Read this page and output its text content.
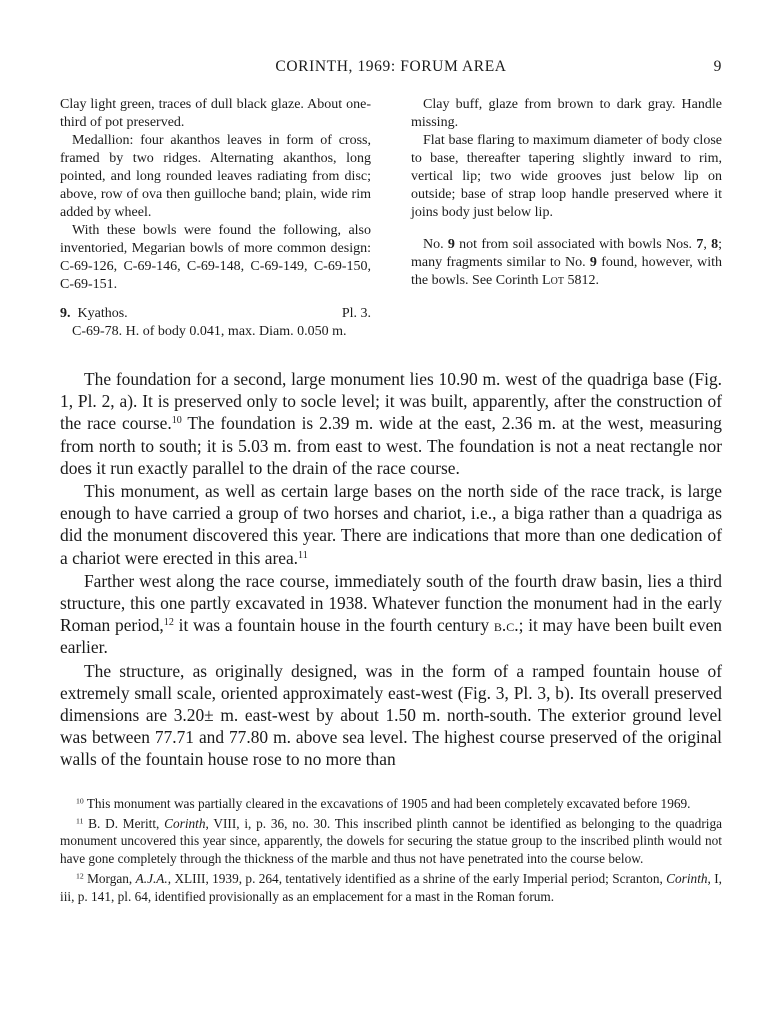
CORINTH, 1969: FORUM AREA	9

Clay light green, traces of dull black glaze. About one-third of pot preserved.

Medallion: four akanthos leaves in form of cross, framed by two ridges. Alternating akanthos, long pointed, and long rounded leaves radiating from disc; above, row of ova then guilloche band; plain, wide rim added by wheel.

With these bowls were found the following, also inventoried, Megarian bowls of more common design: C-69-126, C-69-146, C-69-148, C-69-149, C-69-150, C-69-151.

9. Kyathos.	Pl. 3.

C-69-78. H. of body 0.041, max. Diam. 0.050 m.

Clay buff, glaze from brown to dark gray. Handle missing.

Flat base flaring to maximum diameter of body close to base, thereafter tapering slightly inward to rim, vertical lip; two wide grooves just below lip on outside; base of strap loop handle preserved where it joins body just below lip.

No. 9 not from soil associated with bowls Nos. 7, 8; many fragments similar to No. 9 found, however, with the bowls. See Corinth Lot 5812.

The foundation for a second, large monument lies 10.90 m. west of the quadriga base (Fig. 1, Pl. 2, a). It is preserved only to socle level; it was built, apparently, after the construction of the race course.$^{10}$ The foundation is 2.39 m. wide at the east, 2.36 m. at the west, measuring from north to south; it is 5.03 m. from east to west. The foundation is not a neat rectangle nor does it run exactly parallel to the drain of the race course.

This monument, as well as certain large bases on the north side of the race track, is large enough to have carried a group of two horses and chariot, i.e., a biga rather than a quadriga as did the monument discovered this year. There are indications that more than one dedication of a chariot were erected in this area.$^{11}$

Farther west along the race course, immediately south of the fourth draw basin, lies a third structure, this one partly excavated in 1938. Whatever function the monument had in the early Roman period,$^{12}$ it was a fountain house in the fourth century b.c.; it may have been built even earlier.

The structure, as originally designed, was in the form of a ramped fountain house of extremely small scale, oriented approximately east-west (Fig. 3, Pl. 3, b). Its overall preserved dimensions are 3.20± m. east-west by about 1.50 m. north-south. The exterior ground level was between 77.71 and 77.80 m. above sea level. The highest course preserved of the original walls of the fountain house rose to no more than

$^{10}$ This monument was partially cleared in the excavations of 1905 and had been completely excavated before 1969.

$^{11}$ B. D. Meritt, Corinth, VIII, i, p. 36, no. 30. This inscribed plinth cannot be identified as belonging to the quadriga monument uncovered this year since, apparently, the dowels for securing the statue group to the inscribed plinth would not have gone completely through the thickness of the marble and thus not have penetrated into the course below.

$^{12}$ Morgan, A.J.A., XLIII, 1939, p. 264, tentatively identified as a shrine of the early Imperial period; Scranton, Corinth, I, iii, p. 141, pl. 64, identified provisionally as an emplacement for a mast in the Roman forum.
